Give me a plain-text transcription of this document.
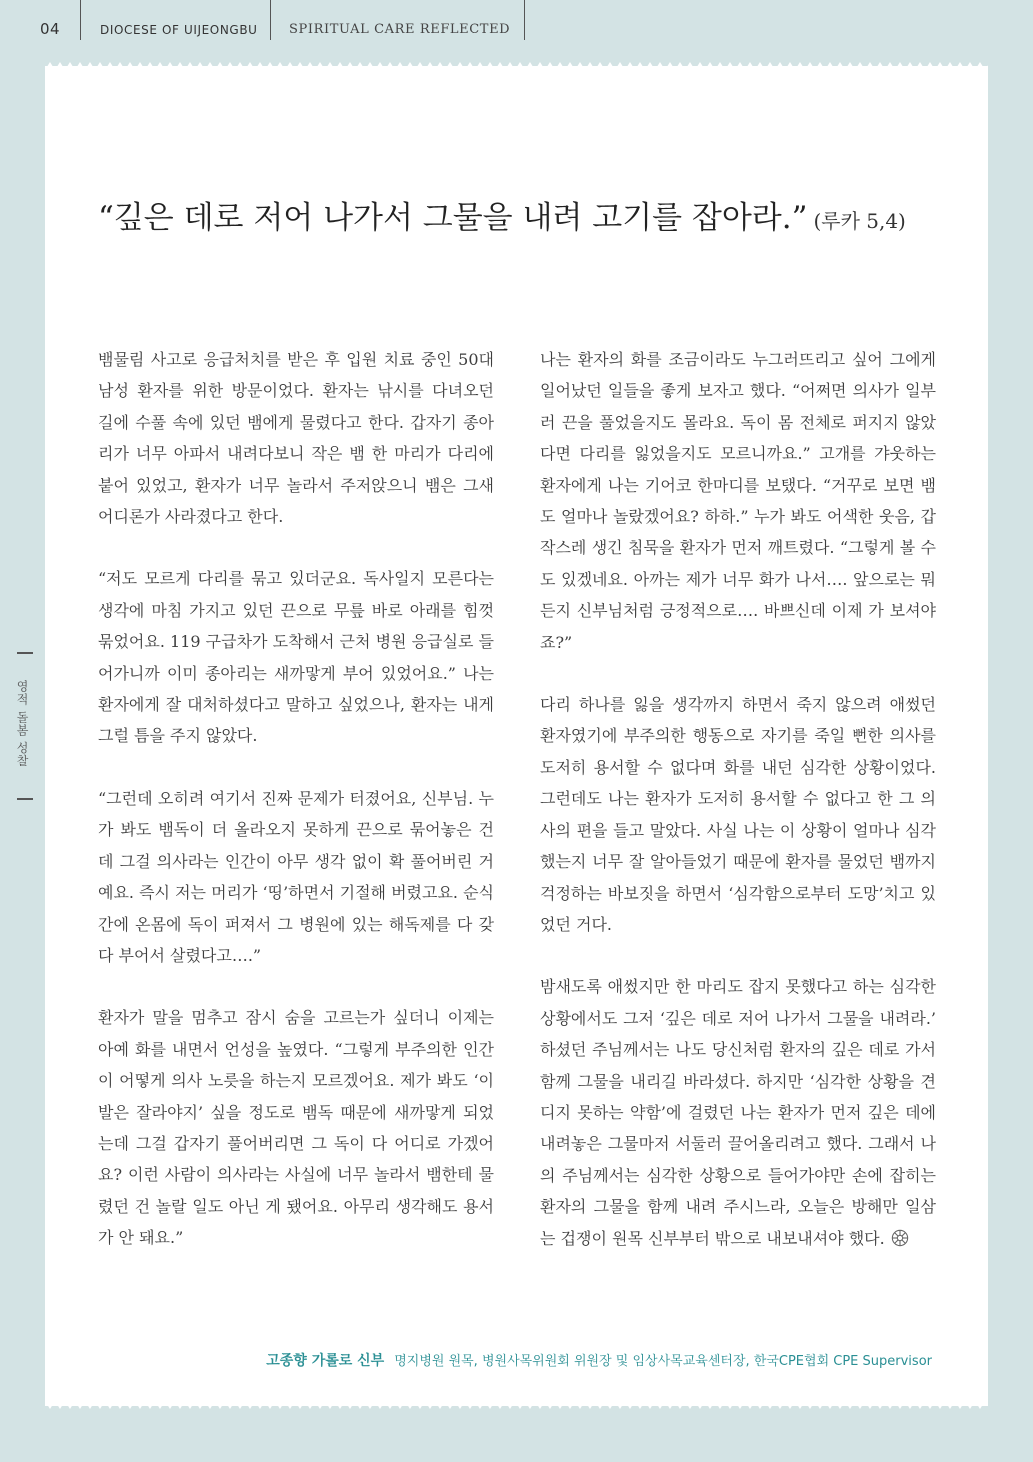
04	DIOCESE OF UIJEONGBU SPIRITUAL CARE REFLECTED
영적 돌봄 성찰
“깊은 데로 저어 나가서 그물을 내려 고기를 잡아라.” (루카 5,4)

뱀물림 사고로 응급처치를 받은 후 입원 치료 중인 50대 남성 환자를 위한 방문이었다. 환자는 낚시를 다녀오던 길에 수풀 속에 있던 뱀에게 물렸다고 한다. 갑자기 종아리가 너무 아파서 내려다보니 작은 뱀 한 마리가 다리에 붙어 있었고, 환자가 너무 놀라서 주저앉으니 뱀은 그새 어디론가 사라졌다고 한다.

“저도 모르게 다리를 묶고 있더군요. 독사일지 모른다는 생각에 마침 가지고 있던 끈으로 무릎 바로 아래를 힘껏 묶었어요. 119 구급차가 도착해서 근처 병원 응급실로 들어가니까 이미 종아리는 새까맣게 부어 있었어요.” 나는 환자에게 잘 대처하셨다고 말하고 싶었으나, 환자는 내게 그럴 틈을 주지 않았다.

“그런데 오히려 여기서 진짜 문제가 터졌어요, 신부님. 누가 봐도 뱀독이 더 올라오지 못하게 끈으로 묶어놓은 건데 그걸 의사라는 인간이 아무 생각 없이 확 풀어버린 거예요. 즉시 저는 머리가 ‘띵’하면서 기절해 버렸고요. 순식간에 온몸에 독이 퍼져서 그 병원에 있는 해독제를 다 갖다 부어서 살렸다고….”

환자가 말을 멈추고 잠시 숨을 고르는가 싶더니 이제는 아예 화를 내면서 언성을 높였다. “그렇게 부주의한 인간이 어떻게 의사 노릇을 하는지 모르겠어요. 제가 봐도 ‘이 발은 잘라야지’ 싶을 정도로 뱀독 때문에 새까맣게 되었는데 그걸 갑자기 풀어버리면 그 독이 다 어디로 가겠어요? 이런 사람이 의사라는 사실에 너무 놀라서 뱀한테 물렸던 건 놀랄 일도 아닌 게 됐어요. 아무리 생각해도 용서가 안 돼요.”

나는 환자의 화를 조금이라도 누그러뜨리고 싶어 그에게 일어났던 일들을 좋게 보자고 했다. “어쩌면 의사가 일부러 끈을 풀었을지도 몰라요. 독이 몸 전체로 퍼지지 않았다면 다리를 잃었을지도 모르니까요.” 고개를 갸웃하는 환자에게 나는 기어코 한마디를 보탰다. “거꾸로 보면 뱀도 얼마나 놀랐겠어요? 하하.” 누가 봐도 어색한 웃음, 갑작스레 생긴 침묵을 환자가 먼저 깨트렸다. “그렇게 볼 수도 있겠네요. 아까는 제가 너무 화가 나서…. 앞으로는 뭐든지 신부님처럼 긍정적으로…. 바쁘신데 이제 가 보셔야죠?”

다리 하나를 잃을 생각까지 하면서 죽지 않으려 애썼던 환자였기에 부주의한 행동으로 자기를 죽일 뻔한 의사를 도저히 용서할 수 없다며 화를 내던 심각한 상황이었다. 그런데도 나는 환자가 도저히 용서할 수 없다고 한 그 의사의 편을 들고 말았다. 사실 나는 이 상황이 얼마나 심각했는지 너무 잘 알아들었기 때문에 환자를 물었던 뱀까지 걱정하는 바보짓을 하면서 ‘심각함으로부터 도망’치고 있었던 거다.

밤새도록 애썼지만 한 마리도 잡지 못했다고 하는 심각한 상황에서도 그저 ‘깊은 데로 저어 나가서 그물을 내려라.’ 하셨던 주님께서는 나도 당신처럼 환자의 깊은 데로 가서 함께 그물을 내리길 바라셨다. 하지만 ‘심각한 상황을 견디지 못하는 약함’에 걸렸던 나는 환자가 먼저 깊은 데에 내려놓은 그물마저 서둘러 끌어올리려고 했다. 그래서 나의 주님께서는 심각한 상황으로 들어가야만 손에 잡히는 환자의 그물을 함께 내려 주시느라, 오늘은 방해만 일삼는 겁쟁이 원목 신부부터 밖으로 내보내셔야 했다.

고종향 가롤로 신부 명지병원 원목, 병원사목위원회 위원장 및 임상사목교육센터장, 한국CPE협회 CPE Supervisor
